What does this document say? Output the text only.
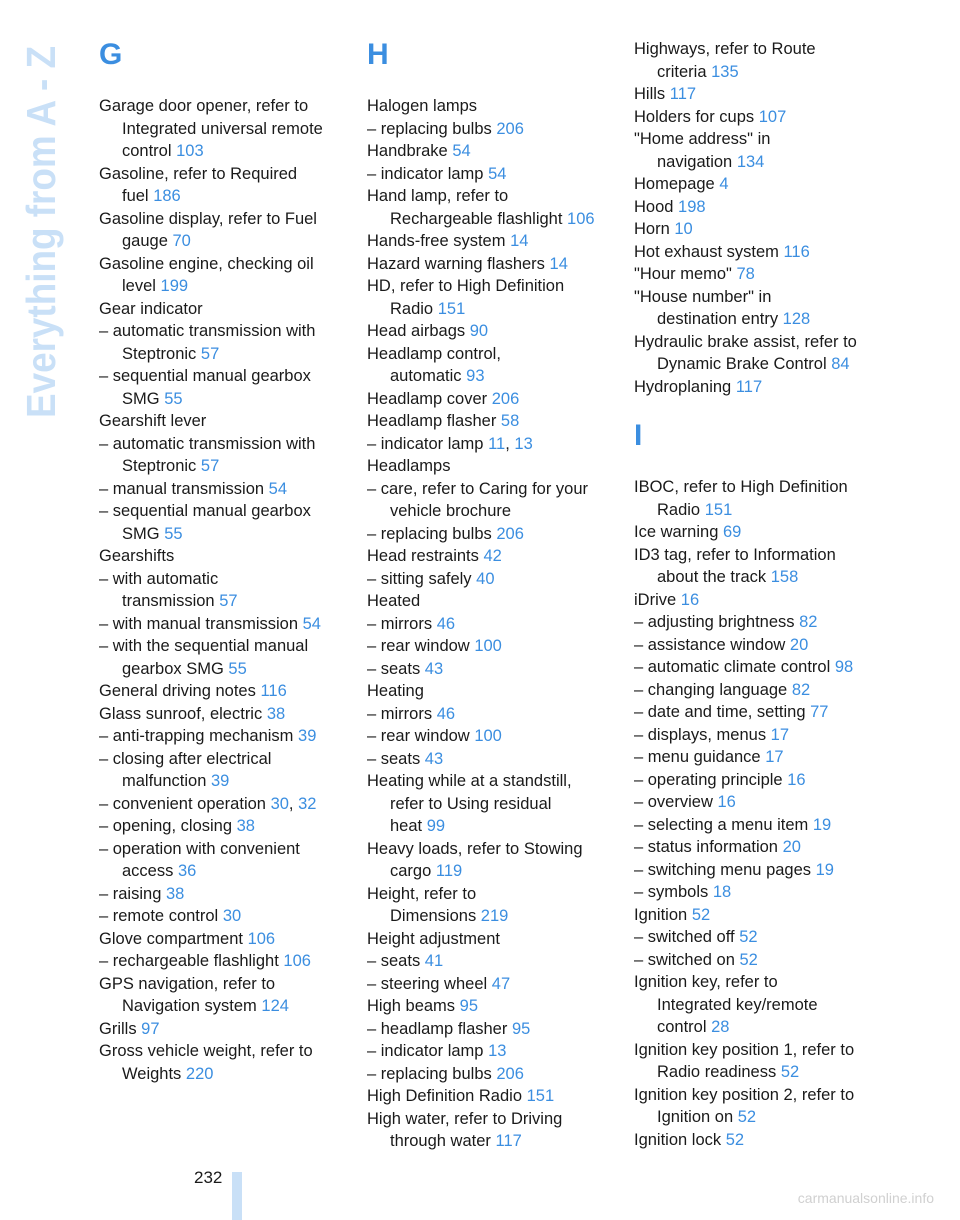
Everything from A - Z G
Garage door opener, refer to
Integrated universal remote
control 103
Gasoline, refer to Required
fuel 186
Gasoline display, refer to Fuel
gauge 70
Gasoline engine, checking oil
level 199
Gear indicator
– automatic transmission with
Steptronic 57
– sequential manual gearbox
SMG 55
Gearshift lever
– automatic transmission with
Steptronic 57
– manual transmission 54
– sequential manual gearbox
SMG 55
Gearshifts
– with automatic
transmission 57
– with manual transmission 54
– with the sequential manual
gearbox SMG 55
General driving notes 116
Glass sunroof, electric 38
– anti-trapping mechanism 39
– closing after electrical
malfunction 39
– convenient operation 30, 32
– opening, closing 38
– operation with convenient
access 36
– raising 38
– remote control 30
Glove compartment 106
– rechargeable flashlight 106
GPS navigation, refer to
Navigation system 124
Grills 97
Gross vehicle weight, refer to
Weights 220
H
Halogen lamps
– replacing bulbs 206
Handbrake 54
– indicator lamp 54
Hand lamp, refer to
Rechargeable flashlight 106
Hands-free system 14
Hazard warning flashers 14
HD, refer to High Definition
Radio 151
Head airbags 90
Headlamp control,
automatic 93
Headlamp cover 206
Headlamp flasher 58
– indicator lamp 11, 13
Headlamps
– care, refer to Caring for your
vehicle brochure
– replacing bulbs 206
Head restraints 42
– sitting safely 40
Heated
– mirrors 46
– rear window 100
– seats 43
Heating
– mirrors 46
– rear window 100
– seats 43
Heating while at a standstill,
refer to Using residual
heat 99
Heavy loads, refer to Stowing
cargo 119
Height, refer to
Dimensions 219
Height adjustment
– seats 41
– steering wheel 47
High beams 95
– headlamp flasher 95
– indicator lamp 13
– replacing bulbs 206
High Definition Radio 151
High water, refer to Driving
through water 117
Highways, refer to Route
criteria 135
Hills 117
Holders for cups 107
"Home address" in
navigation 134
Homepage 4
Hood 198
Horn 10
Hot exhaust system 116
"Hour memo" 78
"House number" in
destination entry 128
Hydraulic brake assist, refer to
Dynamic Brake Control 84
Hydroplaning 117
I
IBOC, refer to High Definition
Radio 151
Ice warning 69
ID3 tag, refer to Information
about the track 158
iDrive 16
– adjusting brightness 82
– assistance window 20
– automatic climate control 98
– changing language 82
– date and time, setting 77
– displays, menus 17
– menu guidance 17
– operating principle 16
– overview 16
– selecting a menu item 19
– status information 20
– switching menu pages 19
– symbols 18
Ignition 52
– switched off 52
– switched on 52
Ignition key, refer to
Integrated key/remote
control 28
Ignition key position 1, refer to
Radio readiness 52
Ignition key position 2, refer to
Ignition on 52
Ignition lock 52
232
carmanualsonline.info
